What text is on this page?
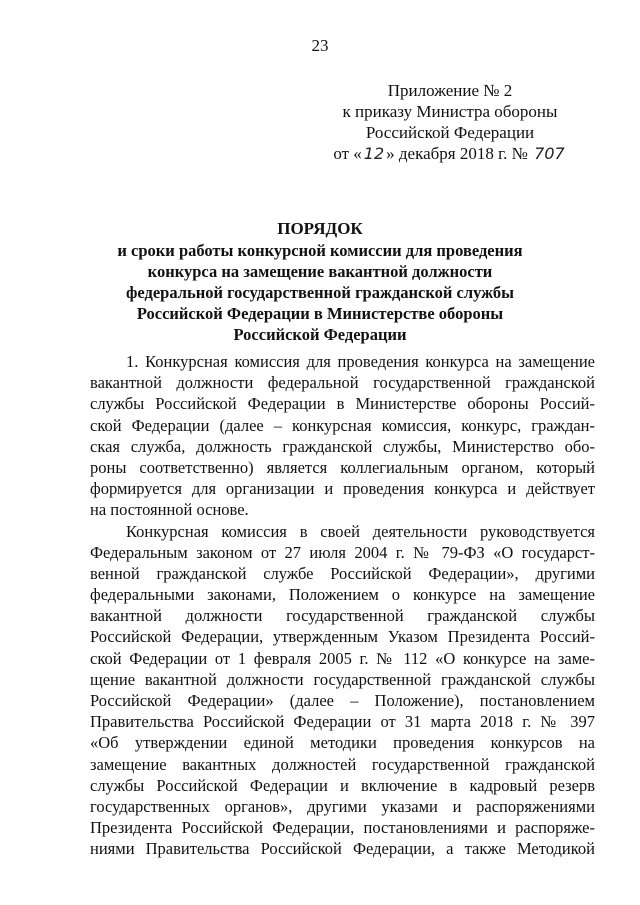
23
Приложение № 2
к приказу Министра обороны
Российской Федерации
от « 12 » декабря 2018 г. № 707
ПОРЯДОК
и сроки работы конкурсной комиссии для проведения
конкурса на замещение вакантной должности
федеральной государственной гражданской службы
Российской Федерации в Министерстве обороны
Российской Федерации
1. Конкурсная комиссия для проведения конкурса на замещение
вакантной должности федеральной государственной гражданской
службы Российской Федерации в Министерстве обороны Россий-
ской Федерации (далее – конкурсная комиссия, конкурс, граждан-
ская служба, должность гражданской службы, Министерство обо-
роны соответственно) является коллегиальным органом, который
формируется для организации и проведения конкурса и действует
на постоянной основе.
Конкурсная комиссия в своей деятельности руководствуется
Федеральным законом от 27 июля 2004 г. № 79-ФЗ «О государст-
венной гражданской службе Российской Федерации», другими
федеральными законами, Положением о конкурсе на замещение
вакантной должности государственной гражданской службы
Российской Федерации, утвержденным Указом Президента Россий-
ской Федерации от 1 февраля 2005 г. № 112 «О конкурсе на заме-
щение вакантной должности государственной гражданской службы
Российской Федерации» (далее – Положение), постановлением
Правительства Российской Федерации от 31 марта 2018 г. № 397
«Об утверждении единой методики проведения конкурсов на
замещение вакантных должностей государственной гражданской
службы Российской Федерации и включение в кадровый резерв
государственных органов», другими указами и распоряжениями
Президента Российской Федерации, постановлениями и распоряже-
ниями Правительства Российской Федерации, а также Методикой
